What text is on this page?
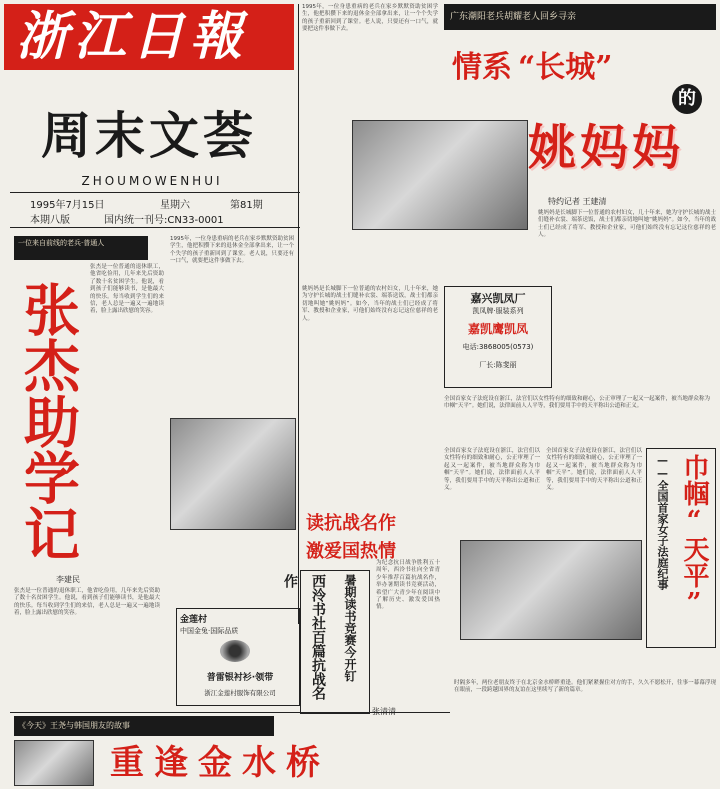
浙江日報
周末文荟
ZHOUMOWENHUI
1995年7月15日	星期六	第81期
本期八版	国内统一刊号:CN33-0001
1995年，一位身患重病的老兵在家乡默默资助贫困学生，他把积攒下来的退休金全部拿出来，让一个个失学的孩子重新回到了课堂。老人说，只要还有一口气，就要把这件事做下去。
广东潮阳老兵胡耀老人回乡寻亲
情系 “长城”
的
姚妈妈
特约记者 王建清
姚妈妈是长城脚下一位普通的农村妇女，几十年来，她为守护长城的战士们缝补衣裳、端茶送饭，战士们都亲切地叫她“姚妈妈”。如今，当年的战士们已经成了将军、教授和企业家，可他们始终没有忘记这位慈祥的老人。
一位来自前线的老兵·普通人
张杰助学记
张杰是一位普通的退休职工，他省吃俭用，几年来先后资助了数十名贫困学生。他说，看到孩子们能够读书，是他最大的快乐。每当收到学生们的来信，老人总是一遍又一遍地读着，脸上露出欣慰的笑容。
1995年，一位身患重病的老兵在家乡默默资助贫困学生，他把积攒下来的退休金全部拿出来，让一个个失学的孩子重新回到了课堂。老人说，只要还有一口气，就要把这件事做下去。
李建民
张杰是一位普通的退休职工，他省吃俭用，几年来先后资助了数十名贫困学生。他说，看到孩子们能够读书，是他最大的快乐。每当收到学生们的来信，老人总是一遍又一遍地读着，脸上露出欣慰的笑容。
金莲村
中国金兔·国际品质
普雷银衬衫·领带
浙江金莲村服饰有限公司
读抗战名作
激爱国热情
西泠书社百篇抗战名作	暑期读书竞赛今开钉
为纪念抗日战争胜利五十周年，西泠书社向全省青少年推荐百篇抗战名作，举办暑期读书竞赛活动，希望广大青少年在阅读中了解历史、激发爱国热情。
嘉兴凯凤厂
凯凤牌·服装系列
嘉凯鹰凯凤
电话:3868005(0573)
厂长:陈斐丽
姚妈妈是长城脚下一位普通的农村妇女，几十年来，她为守护长城的战士们缝补衣裳、端茶送饭，战士们都亲切地叫她“姚妈妈”。如今，当年的战士们已经成了将军、教授和企业家，可他们始终没有忘记这位慈祥的老人。
全国首家女子法庭设在浙江，法官们以女性特有的细致和耐心，公正审理了一起又一起案件，被当地群众称为巾帼“天平”。她们说，法律面前人人平等，我们要用手中的天平称出公道和正义。
巾帼“天平”
——全国首家女子法庭纪事
全国首家女子法庭设在浙江，法官们以女性特有的细致和耐心，公正审理了一起又一起案件，被当地群众称为巾帼“天平”。她们说，法律面前人人平等，我们要用手中的天平称出公道和正义。
全国首家女子法庭设在浙江，法官们以女性特有的细致和耐心，公正审理了一起又一起案件，被当地群众称为巾帼“天平”。她们说，法律面前人人平等，我们要用手中的天平称出公道和正义。
《今天》王尧与韩国朋友的故事
重逢金水桥
时隔多年，两位老朋友终于在北京金水桥畔重逢。他们紧紧握住对方的手，久久不愿松开，往事一幕幕浮现在眼前，一段跨越国界的友谊在这里续写了新的篇章。
